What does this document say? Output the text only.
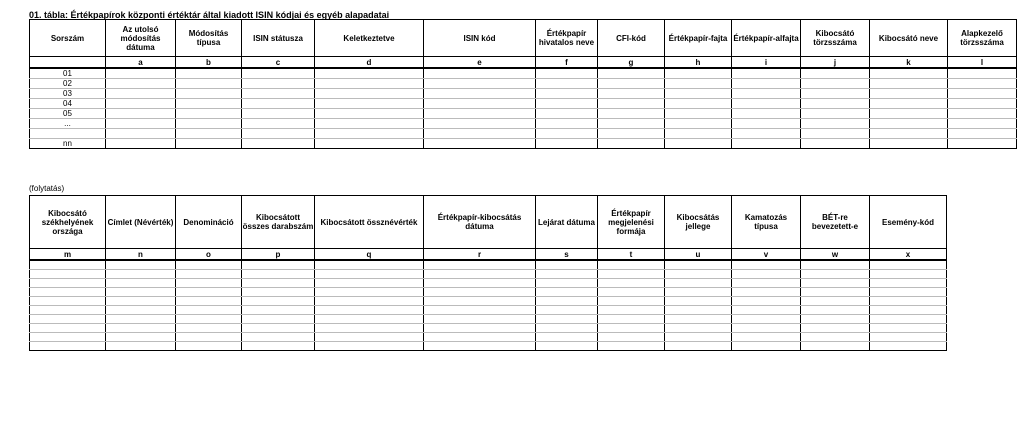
01. tábla: Értékpapírok központi értéktár által kiadott ISIN kódjai és egyéb alapadatai
Sorszám	Az utolsó módosítás dátuma	Módosítás típusa	ISIN státusza	Keletkeztetve	ISIN kód	Értékpapír hivatalos neve	CFI-kód	Értékpapír-fajta	Értékpapír-alfajta	Kibocsátó törzsszáma	Kibocsátó neve	Alapkezelő törzsszáma
	a	b	c	d	e	f	g	h	i	j	k	l
01												
02												
03												
04												
05												
...												

nn												
(folytatás)
Kibocsátó székhelyének országa	Címlet (Névérték)	Denomináció	Kibocsátott összes darabszám	Kibocsátott össznévérték	Értékpapír-kibocsátás dátuma	Lejárat dátuma	Értékpapír megjelenési formája	Kibocsátás jellege	Kamatozás típusa	BÉT-re bevezetett-e	Esemény-kód
m	n	o	p	q	r	s	t	u	v	w	x
